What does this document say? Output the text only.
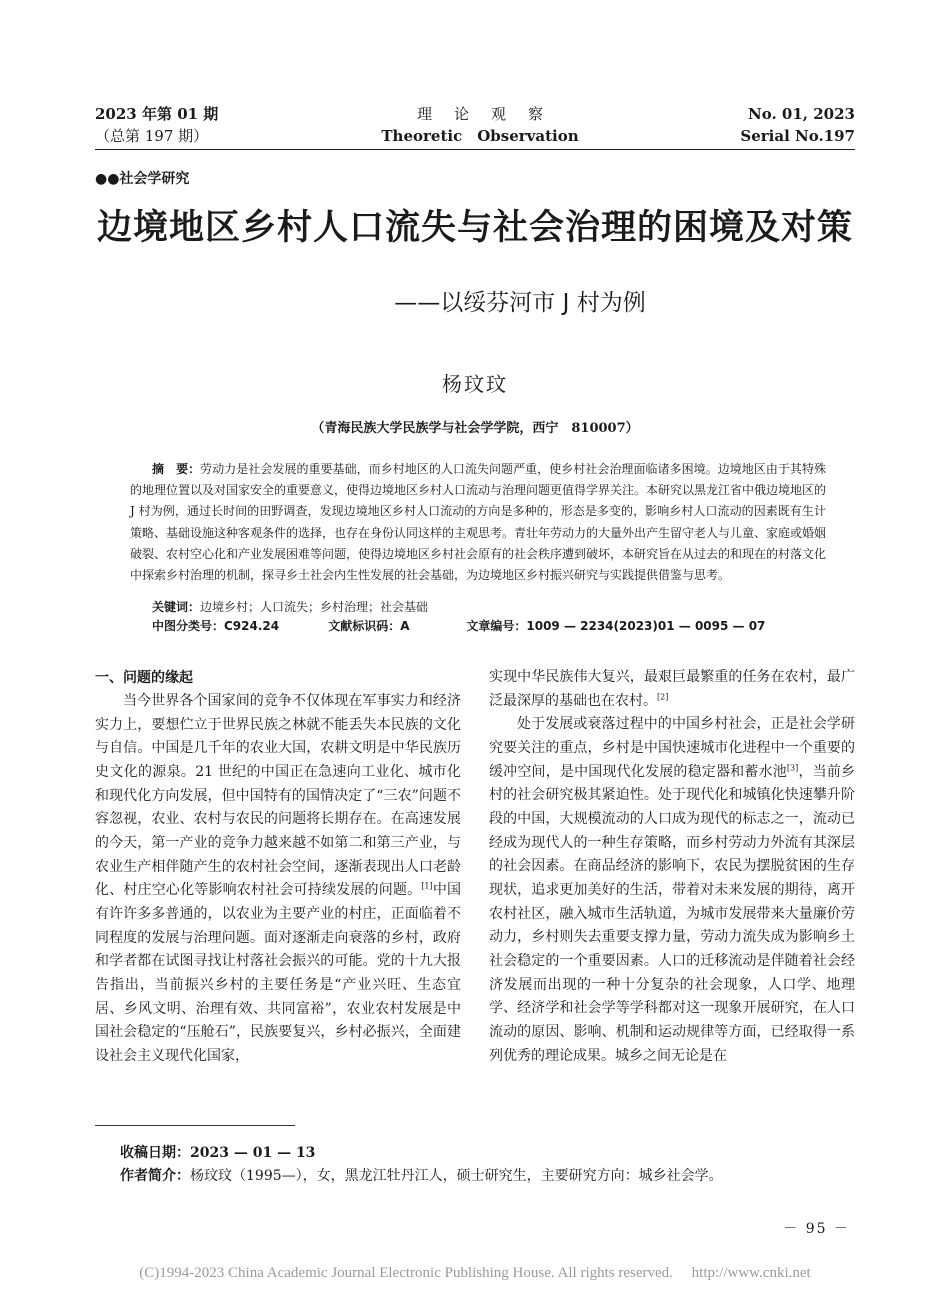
2023 年第 01 期
（总第 197 期）
理论观察
Theoretic　Observation
No. 01, 2023
Serial No.197
●●社会学研究
边境地区乡村人口流失与社会治理的困境及对策
——以绥芬河市 J 村为例
杨玟玟
（青海民族大学民族学与社会学学院，西宁　810007）
摘　要：劳动力是社会发展的重要基础，而乡村地区的人口流失问题严重，使乡村社会治理面临诸多困境。边境地区由于其特殊的地理位置以及对国家安全的重要意义，使得边境地区乡村人口流动与治理问题更值得学界关注。本研究以黑龙江省中俄边境地区的 J 村为例，通过长时间的田野调查，发现边境地区乡村人口流动的方向是多种的，形态是多变的，影响乡村人口流动的因素既有生计策略、基础设施这种客观条件的选择，也存在身份认同这样的主观思考。青壮年劳动力的大量外出产生留守老人与儿童、家庭或婚姻破裂、农村空心化和产业发展困难等问题，使得边境地区乡村社会原有的社会秩序遭到破坏，本研究旨在从过去的和现在的村落文化中探索乡村治理的机制，探寻乡土社会内生性发展的社会基础，为边境地区乡村振兴研究与实践提供借鉴与思考。
关键词：边境乡村；人口流失；乡村治理；社会基础
中图分类号：C924.24	文献标识码：A	文章编号：1009 — 2234(2023)01 — 0095 — 07
一、问题的缘起

当今世界各个国家间的竞争不仅体现在军事实力和经济实力上，要想伫立于世界民族之林就不能丢失本民族的文化与自信。中国是几千年的农业大国，农耕文明是中华民族历史文化的源泉。21 世纪的中国正在急速向工业化、城市化和现代化方向发展，但中国特有的国情决定了“三农”问题不容忽视，农业、农村与农民的问题将长期存在。在高速发展的今天，第一产业的竞争力越来越不如第二和第三产业，与农业生产相伴随产生的农村社会空间，逐渐表现出人口老龄化、村庄空心化等影响农村社会可持续发展的问题。[1]中国有许许多多普通的，以农业为主要产业的村庄，正面临着不同程度的发展与治理问题。面对逐渐走向衰落的乡村，政府和学者都在试图寻找让村落社会振兴的可能。党的十九大报告指出，当前振兴乡村的主要任务是“产业兴旺、生态宜居、乡风文明、治理有效、共同富裕”，农业农村发展是中国社会稳定的“压舱石”，民族要复兴，乡村必振兴，全面建设社会主义现代化国家，

实现中华民族伟大复兴，最艰巨最繁重的任务在农村，最广泛最深厚的基础也在农村。[2]

处于发展或衰落过程中的中国乡村社会，正是社会学研究要关注的重点，乡村是中国快速城市化进程中一个重要的缓冲空间，是中国现代化发展的稳定器和蓄水池[3]，当前乡村的社会研究极其紧迫性。处于现代化和城镇化快速攀升阶段的中国，大规模流动的人口成为现代的标志之一，流动已经成为现代人的一种生存策略，而乡村劳动力外流有其深层的社会因素。在商品经济的影响下，农民为摆脱贫困的生存现状，追求更加美好的生活，带着对未来发展的期待，离开农村社区，融入城市生活轨道，为城市发展带来大量廉价劳动力，乡村则失去重要支撑力量，劳动力流失成为影响乡土社会稳定的一个重要因素。人口的迁移流动是伴随着社会经济发展而出现的一种十分复杂的社会现象，人口学、地理学、经济学和社会学等学科都对这一现象开展研究，在人口流动的原因、影响、机制和运动规律等方面，已经取得一系列优秀的理论成果。城乡之间无论是在

收稿日期：2023 — 01 — 13
作者简介：杨玟玟（1995—），女，黑龙江牡丹江人，硕士研究生，主要研究方向：城乡社会学。
－ 95 －
(C)1994-2023 China Academic Journal Electronic Publishing House. All rights reserved.　 http://www.cnki.net
